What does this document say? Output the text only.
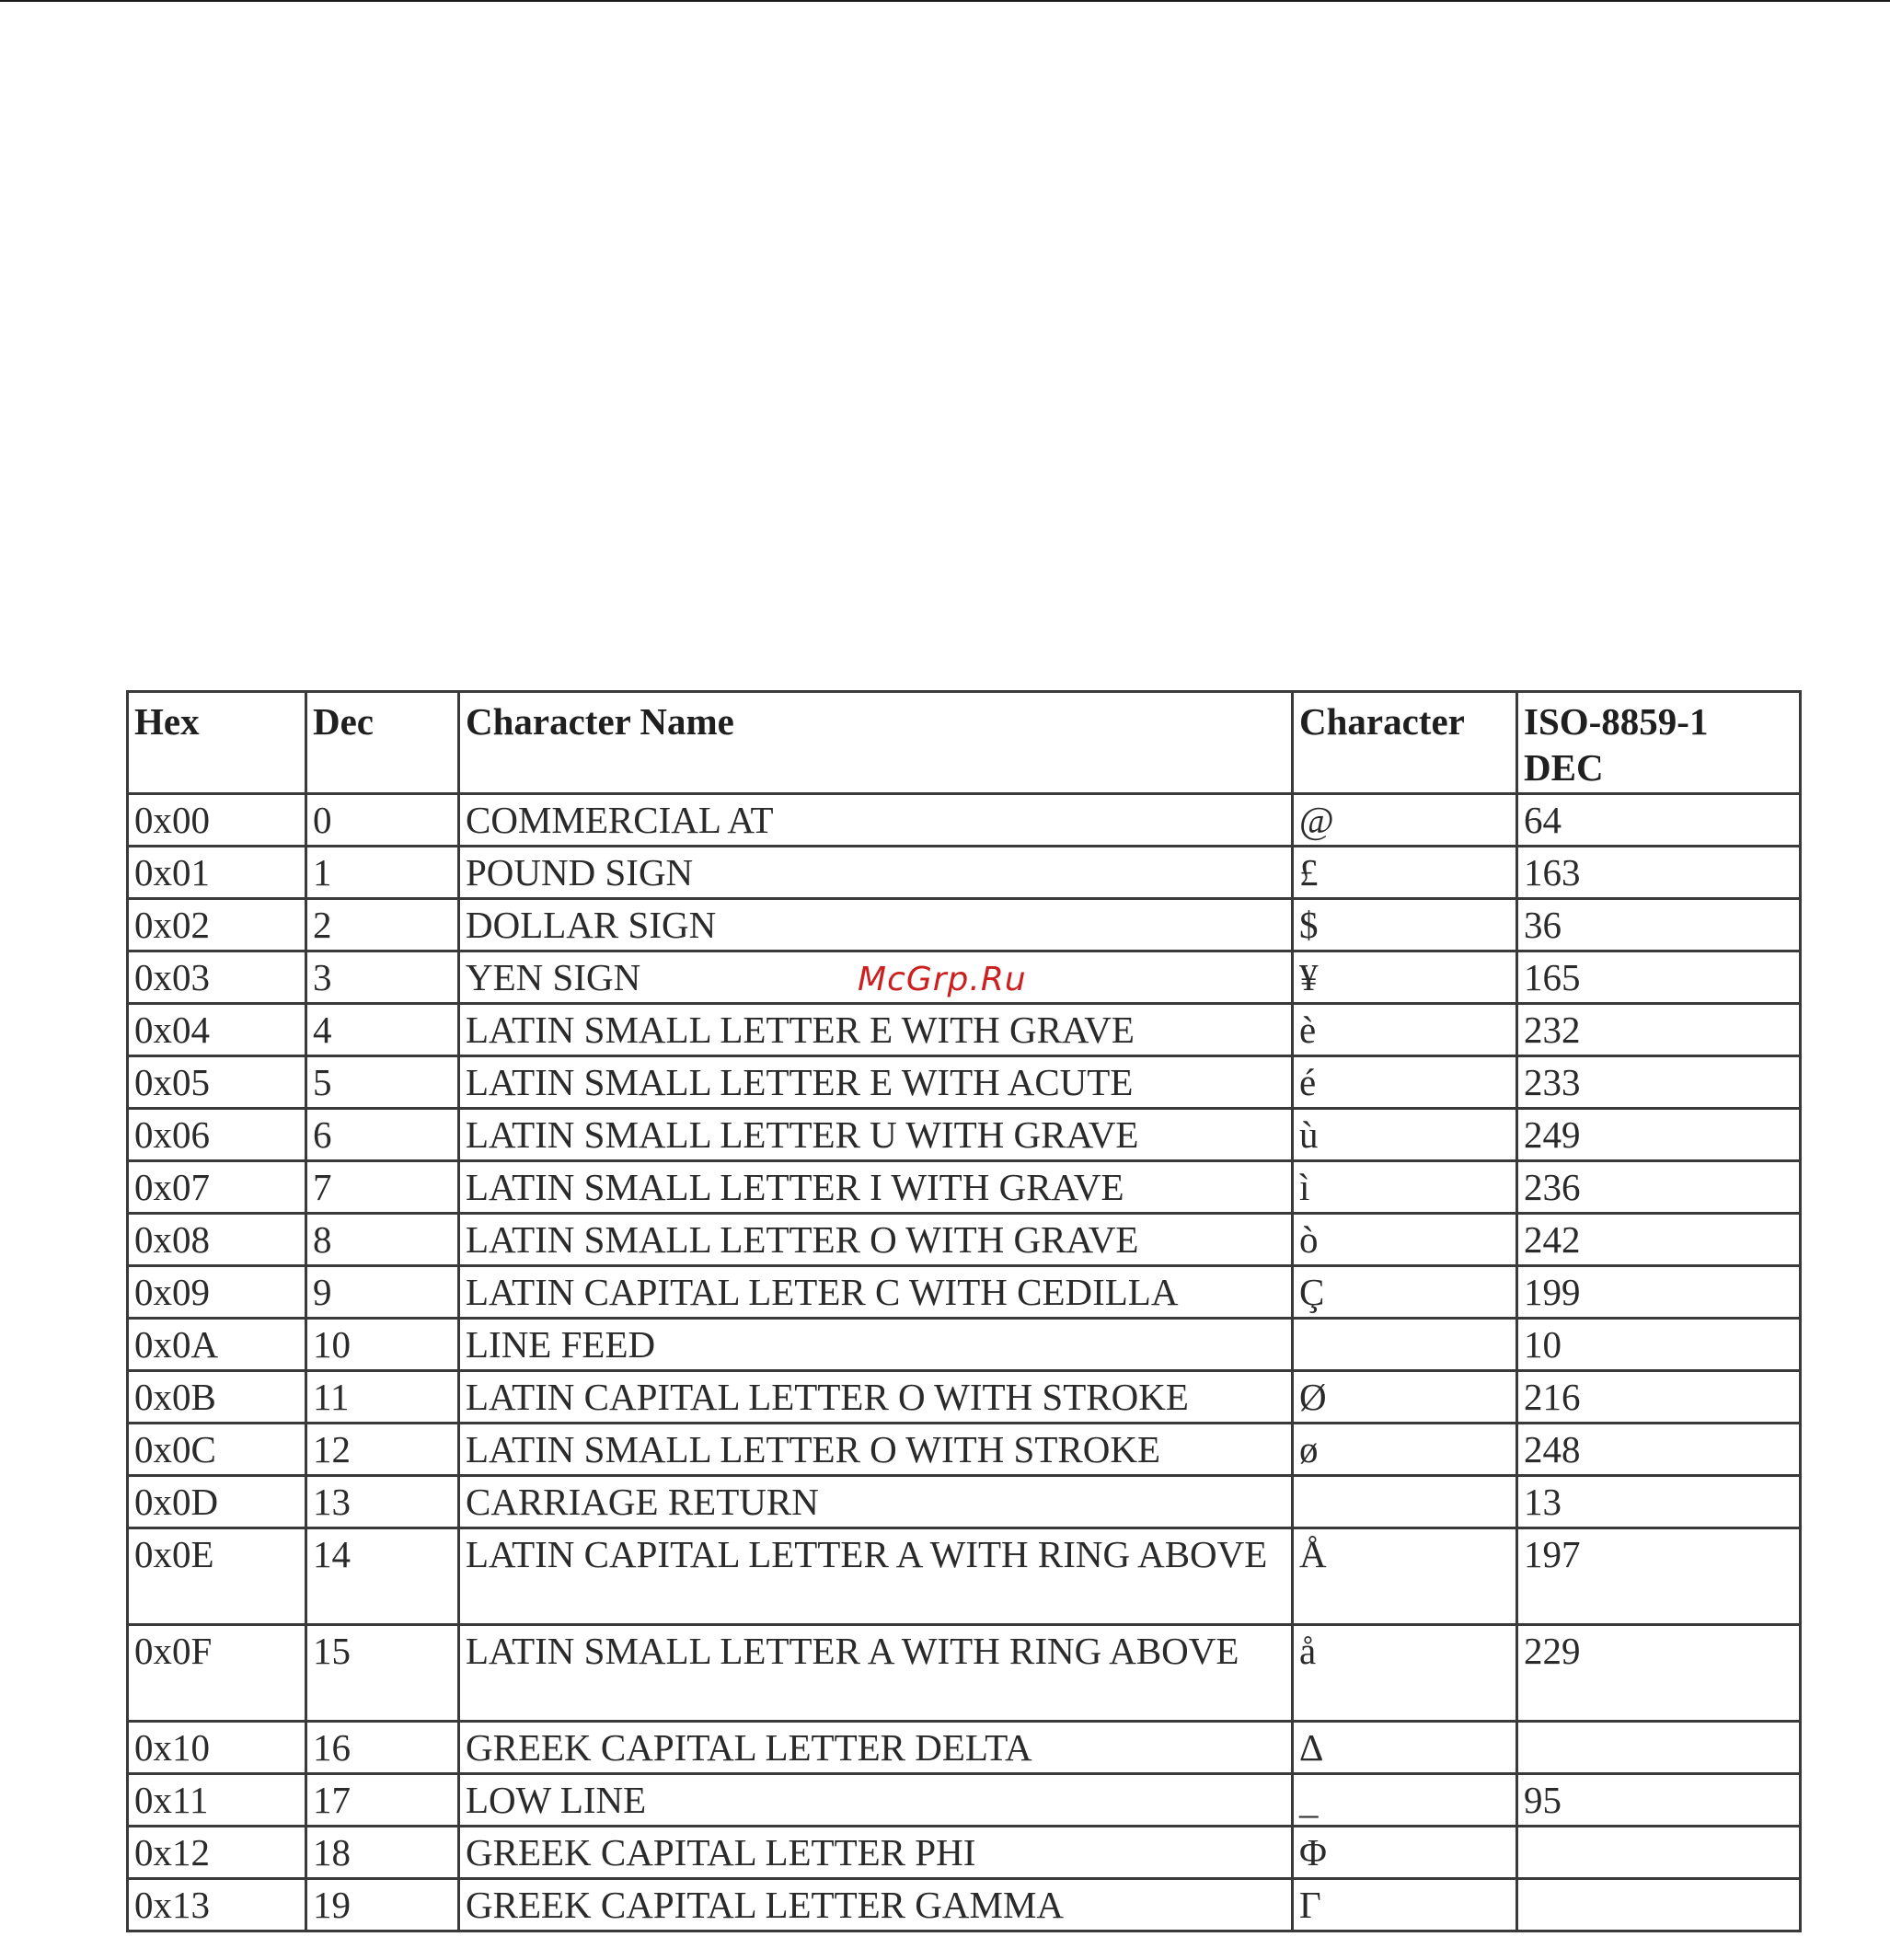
McGrp.Ru
Hex	Dec	Character Name	Character	ISO-8859-1 DEC
0x00	0	COMMERCIAL AT	@	64
0x01	1	POUND SIGN	£	163
0x02	2	DOLLAR SIGN	$	36
0x03	3	YEN SIGN	¥	165
0x04	4	LATIN SMALL LETTER E WITH GRAVE	è	232
0x05	5	LATIN SMALL LETTER E WITH ACUTE	é	233
0x06	6	LATIN SMALL LETTER U WITH GRAVE	ù	249
0x07	7	LATIN SMALL LETTER I WITH GRAVE	ì	236
0x08	8	LATIN SMALL LETTER O WITH GRAVE	ò	242
0x09	9	LATIN CAPITAL LETER C WITH CEDILLA	Ç	199
0x0A	10	LINE FEED		10
0x0B	11	LATIN CAPITAL LETTER O WITH STROKE	Ø	216
0x0C	12	LATIN SMALL LETTER O WITH STROKE	ø	248
0x0D	13	CARRIAGE RETURN		13
0x0E	14	LATIN CAPITAL LETTER A WITH RING ABOVE	Å	197
0x0F	15	LATIN SMALL LETTER A WITH RING ABOVE	å	229
0x10	16	GREEK CAPITAL LETTER DELTA	Δ	
0x11	17	LOW LINE	_	95
0x12	18	GREEK CAPITAL LETTER PHI	Φ	
0x13	19	GREEK CAPITAL LETTER GAMMA	Γ	
